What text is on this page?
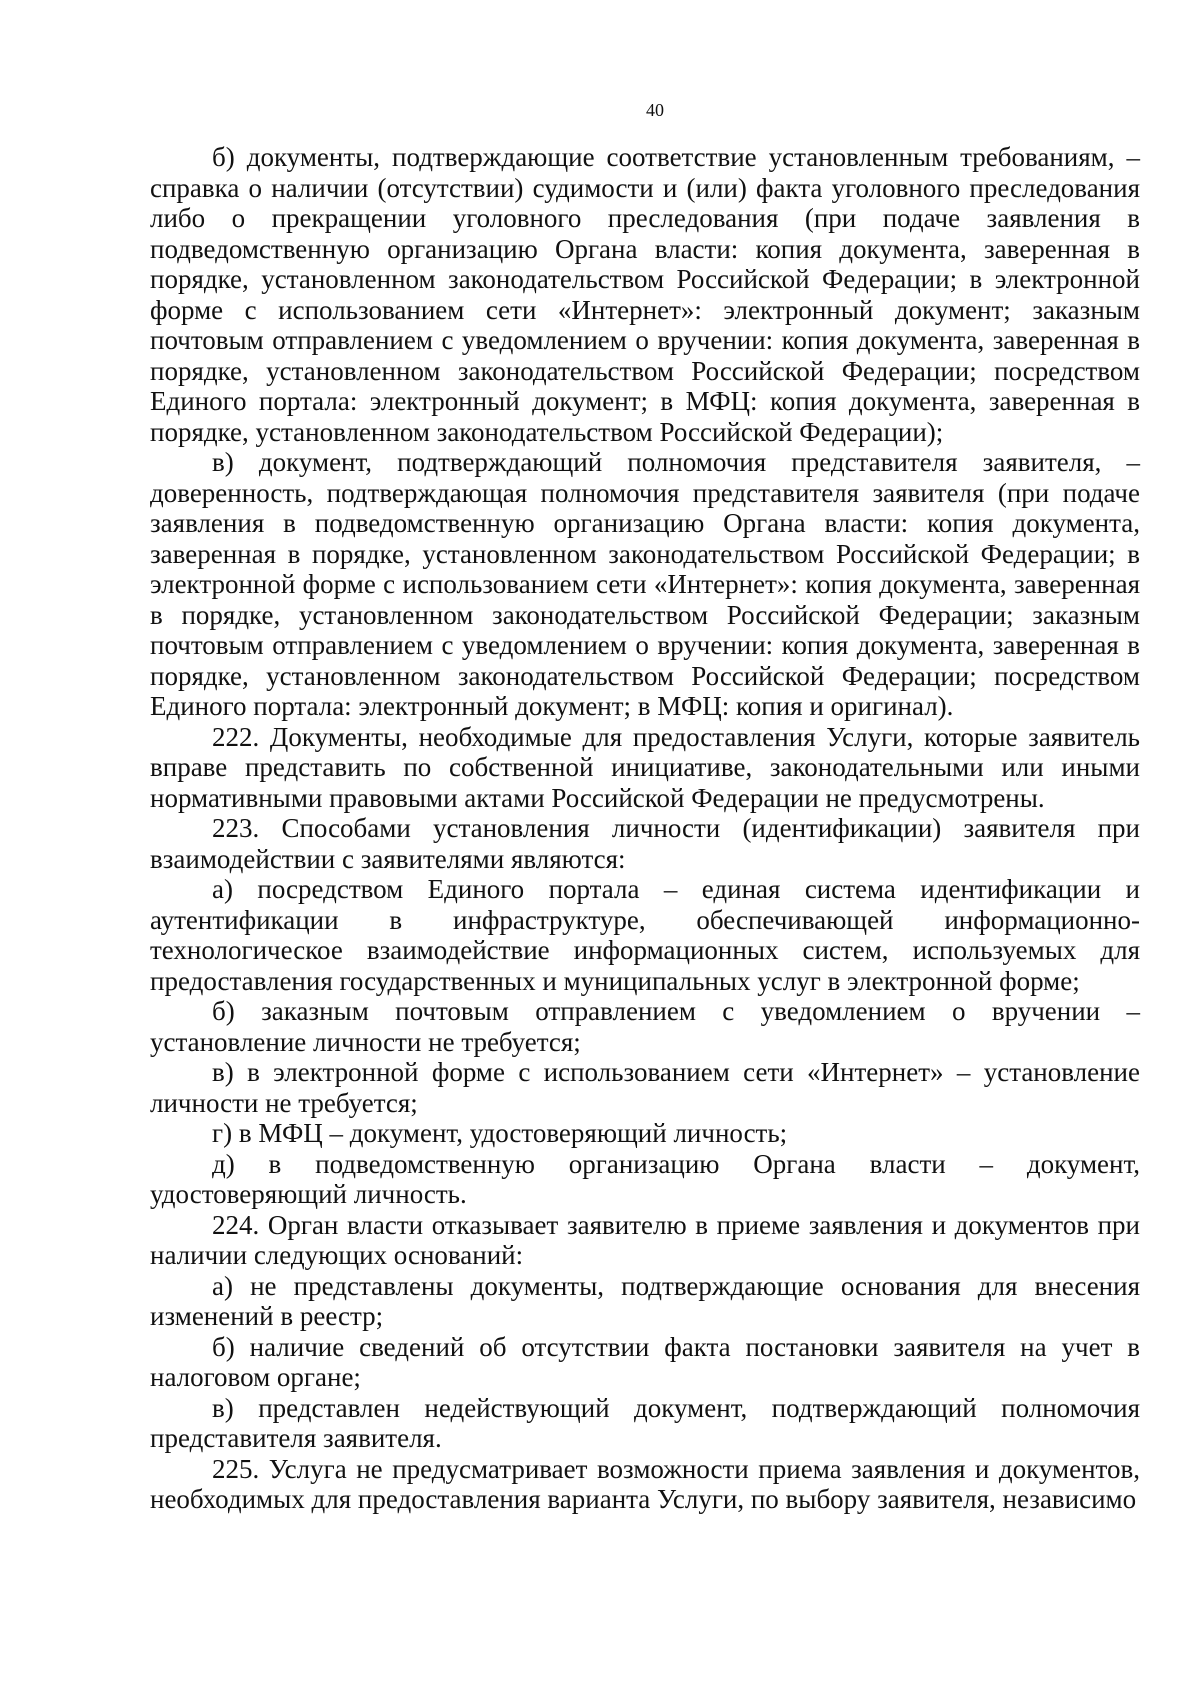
40

б) документы, подтверждающие соответствие установленным требованиям, – справка о наличии (отсутствии) судимости и (или) факта уголовного преследования либо о прекращении уголовного преследования (при подаче заявления в подведомственную организацию Органа власти: копия документа, заверенная в порядке, установленном законодательством Российской Федерации; в электронной форме с использованием сети «Интернет»: электронный документ; заказным почтовым отправлением с уведомлением о вручении: копия документа, заверенная в порядке, установленном законодательством Российской Федерации; посредством Единого портала: электронный документ; в МФЦ: копия документа, заверенная в порядке, установленном законодательством Российской Федерации);

в) документ, подтверждающий полномочия представителя заявителя, – доверенность, подтверждающая полномочия представителя заявителя (при подаче заявления в подведомственную организацию Органа власти: копия документа, заверенная в порядке, установленном законодательством Российской Федерации; в электронной форме с использованием сети «Интернет»: копия документа, заверенная в порядке, установленном законодательством Российской Федерации; заказным почтовым отправлением с уведомлением о вручении: копия документа, заверенная в порядке, установленном законодательством Российской Федерации; посредством Единого портала: электронный документ; в МФЦ: копия и оригинал).

222. Документы, необходимые для предоставления Услуги, которые заявитель вправе представить по собственной инициативе, законодательными или иными нормативными правовыми актами Российской Федерации не предусмотрены.

223. Способами установления личности (идентификации) заявителя при взаимодействии с заявителями являются:

а) посредством Единого портала – единая система идентификации и аутентификации в инфраструктуре, обеспечивающей информационно-технологическое взаимодействие информационных систем, используемых для предоставления государственных и муниципальных услуг в электронной форме;

б) заказным почтовым отправлением с уведомлением о вручении – установление личности не требуется;

в) в электронной форме с использованием сети «Интернет» – установление личности не требуется;

г) в МФЦ – документ, удостоверяющий личность;

д) в подведомственную организацию Органа власти – документ, удостоверяющий личность.

224. Орган власти отказывает заявителю в приеме заявления и документов при наличии следующих оснований:

а) не представлены документы, подтверждающие основания для внесения изменений в реестр;

б) наличие сведений об отсутствии факта постановки заявителя на учет в налоговом органе;

в) представлен недействующий документ, подтверждающий полномочия представителя заявителя.

225. Услуга не предусматривает возможности приема заявления и документов, необходимых для предоставления варианта Услуги, по выбору заявителя, независимо
